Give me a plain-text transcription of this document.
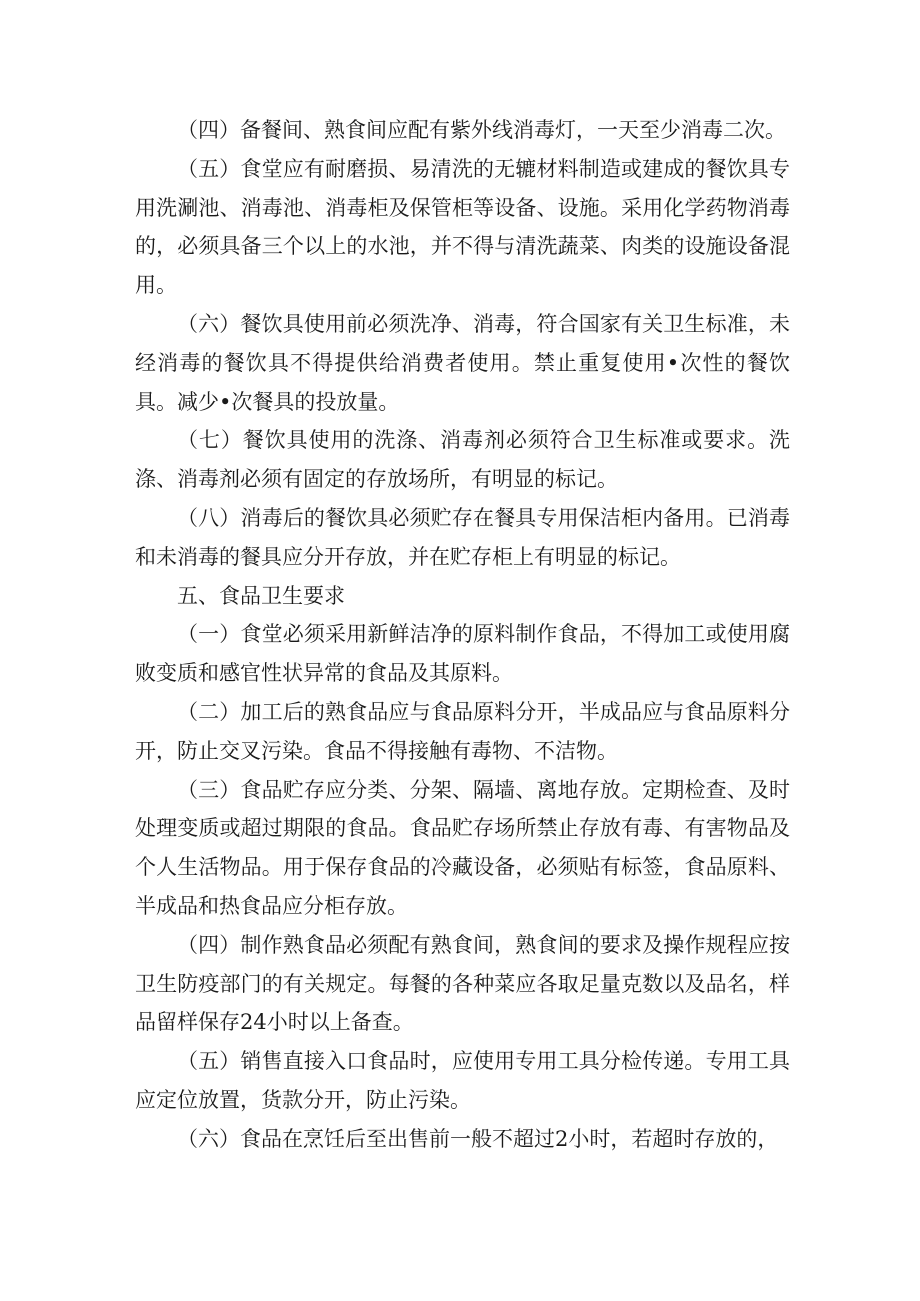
（四）备餐间、熟食间应配有紫外线消毒灯，一天至少消毒二次。

（五）食堂应有耐磨损、易清洗的无辘材料制造或建成的餐饮具专用洗涮池、消毒池、消毒柜及保管柜等设备、设施。采用化学药物消毒的，必须具备三个以上的水池，并不得与清洗蔬菜、肉类的设施设备混用。

（六）餐饮具使用前必须洗净、消毒，符合国家有关卫生标准，未经消毒的餐饮具不得提供给消费者使用。禁止重复使用•次性的餐饮具。减少•次餐具的投放量。

（七）餐饮具使用的洗涤、消毒剂必须符合卫生标准或要求。洗涤、消毒剂必须有固定的存放场所，有明显的标记。

（八）消毒后的餐饮具必须贮存在餐具专用保洁柜内备用。已消毒和未消毒的餐具应分开存放，并在贮存柜上有明显的标记。

五、食品卫生要求

（一）食堂必须采用新鲜洁净的原料制作食品，不得加工或使用腐败变质和感官性状异常的食品及其原料。

（二）加工后的熟食品应与食品原料分开，半成品应与食品原料分开，防止交叉污染。食品不得接触有毒物、不洁物。

（三）食品贮存应分类、分架、隔墙、离地存放。定期检查、及时处理变质或超过期限的食品。食品贮存场所禁止存放有毒、有害物品及个人生活物品。用于保存食品的冷藏设备，必须贴有标签，食品原料、半成品和热食品应分柜存放。

（四）制作熟食品必须配有熟食间，熟食间的要求及操作规程应按卫生防疫部门的有关规定。每餐的各种菜应各取足量克数以及品名，样品留样保存24小时以上备查。

（五）销售直接入口食品时，应使用专用工具分检传递。专用工具应定位放置，货款分开，防止污染。

（六）食品在烹饪后至出售前一般不超过2小时，若超时存放的，
